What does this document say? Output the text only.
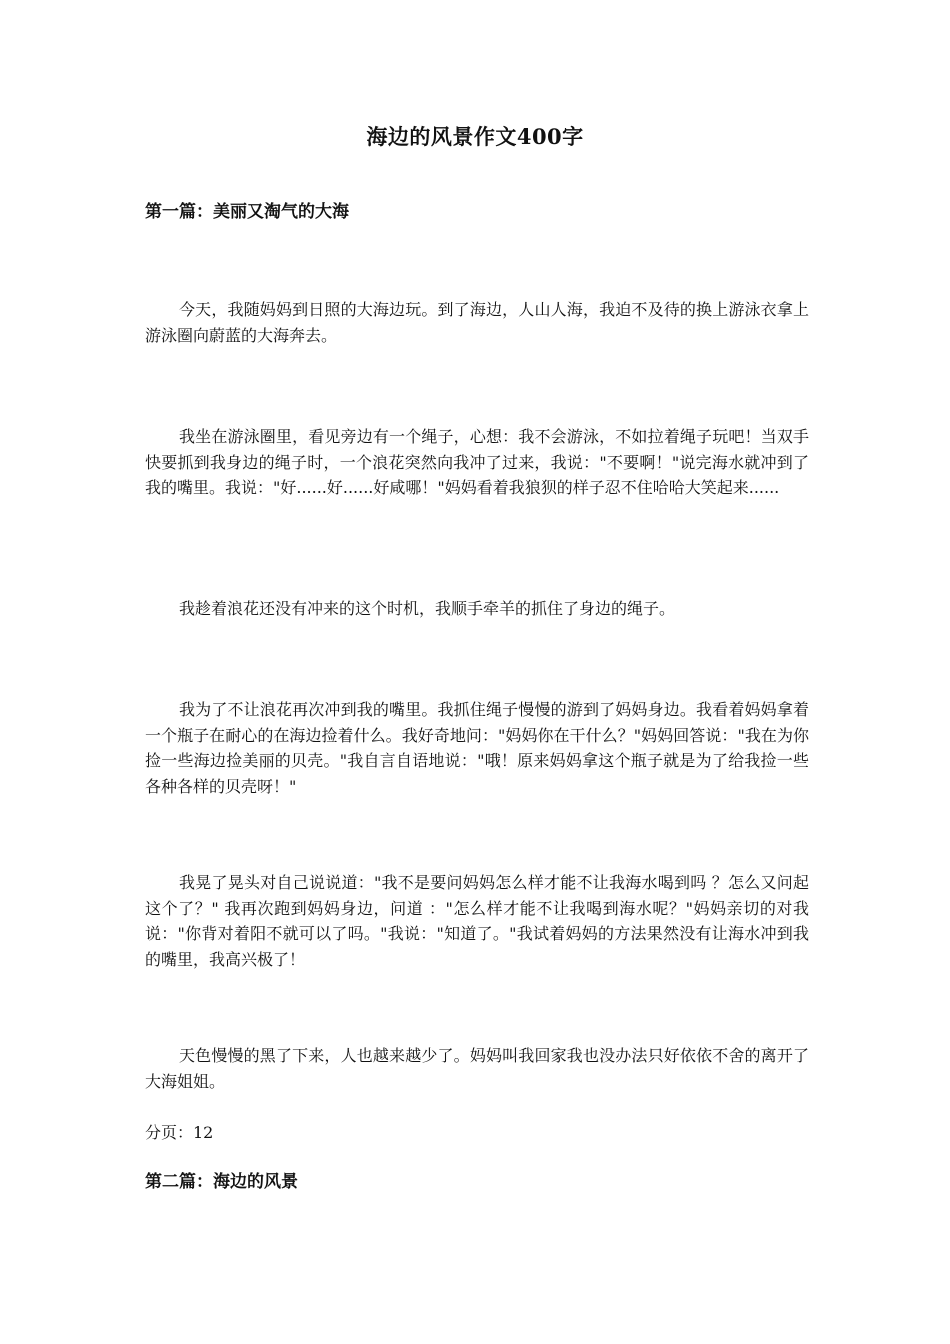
海边的风景作文400字
第一篇：美丽又淘气的大海
今天，我随妈妈到日照的大海边玩。到了海边，人山人海，我迫不及待的换上游泳衣拿上游泳圈向蔚蓝的大海奔去。
我坐在游泳圈里，看见旁边有一个绳子，心想：我不会游泳，不如拉着绳子玩吧！当双手快要抓到我身边的绳子时，一个浪花突然向我冲了过来，我说："不要啊！"说完海水就冲到了我的嘴里。我说："好......好......好咸哪！"妈妈看着我狼狈的样子忍不住哈哈大笑起来......
我趁着浪花还没有冲来的这个时机，我顺手牵羊的抓住了身边的绳子。
我为了不让浪花再次冲到我的嘴里。我抓住绳子慢慢的游到了妈妈身边。我看着妈妈拿着一个瓶子在耐心的在海边捡着什么。我好奇地问："妈妈你在干什么？"妈妈回答说："我在为你捡一些海边捡美丽的贝壳。"我自言自语地说："哦！原来妈妈拿这个瓶子就是为了给我捡一些各种各样的贝壳呀！"
我晃了晃头对自己说说道："我不是要问妈妈怎么样才能不让我海水喝到吗 ？怎么又问起这个了？" 我再次跑到妈妈身边，问道 ："怎么样才能不让我喝到海水呢？"妈妈亲切的对我说："你背对着阳不就可以了吗。"我说："知道了。"我试着妈妈的方法果然没有让海水冲到我的嘴里，我高兴极了！
天色慢慢的黑了下来，人也越来越少了。妈妈叫我回家我也没办法只好依依不舍的离开了大海姐姐。
分页：12
第二篇：海边的风景
